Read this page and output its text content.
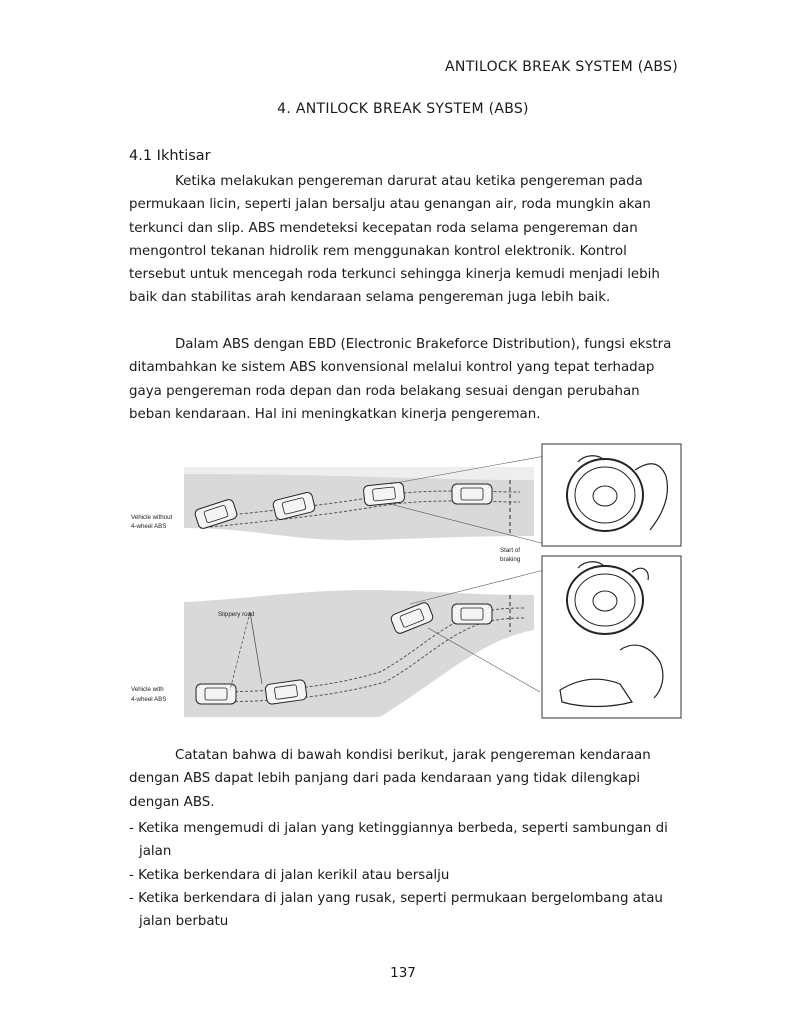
ANTILOCK BREAK SYSTEM (ABS)
4. ANTILOCK BREAK SYSTEM (ABS)
4.1 Ikhtisar

Ketika melakukan pengereman darurat atau ketika pengereman pada permukaan licin, seperti jalan bersalju atau genangan air, roda mungkin akan terkunci dan slip. ABS mendeteksi kecepatan roda selama pengereman dan mengontrol tekanan hidrolik rem menggunakan kontrol elektronik. Kontrol tersebut untuk mencegah roda terkunci sehingga kinerja kemudi menjadi lebih baik dan stabilitas arah kendaraan selama pengereman juga lebih baik.

Dalam ABS dengan EBD (Electronic Brakeforce Distribution), fungsi ekstra ditambahkan ke sistem ABS konvensional melalui kontrol yang tepat terhadap gaya pengereman roda depan dan roda belakang sesuai dengan perubahan beban kendaraan. Hal ini meningkatkan kinerja pengereman.

Vehicle without
4-wheel ABS
Start of
braking
Slippery road
Vehicle with
4-wheel ABS

Catatan bahwa di bawah kondisi berikut, jarak pengereman kendaraan dengan ABS dapat lebih panjang dari pada kendaraan yang tidak dilengkapi dengan ABS.

- Ketika mengemudi di jalan yang ketinggiannya berbeda, seperti sambungan di jalan
- Ketika berkendara di jalan kerikil atau bersalju
- Ketika berkendara di jalan yang rusak, seperti permukaan bergelombang atau jalan berbatu
137
